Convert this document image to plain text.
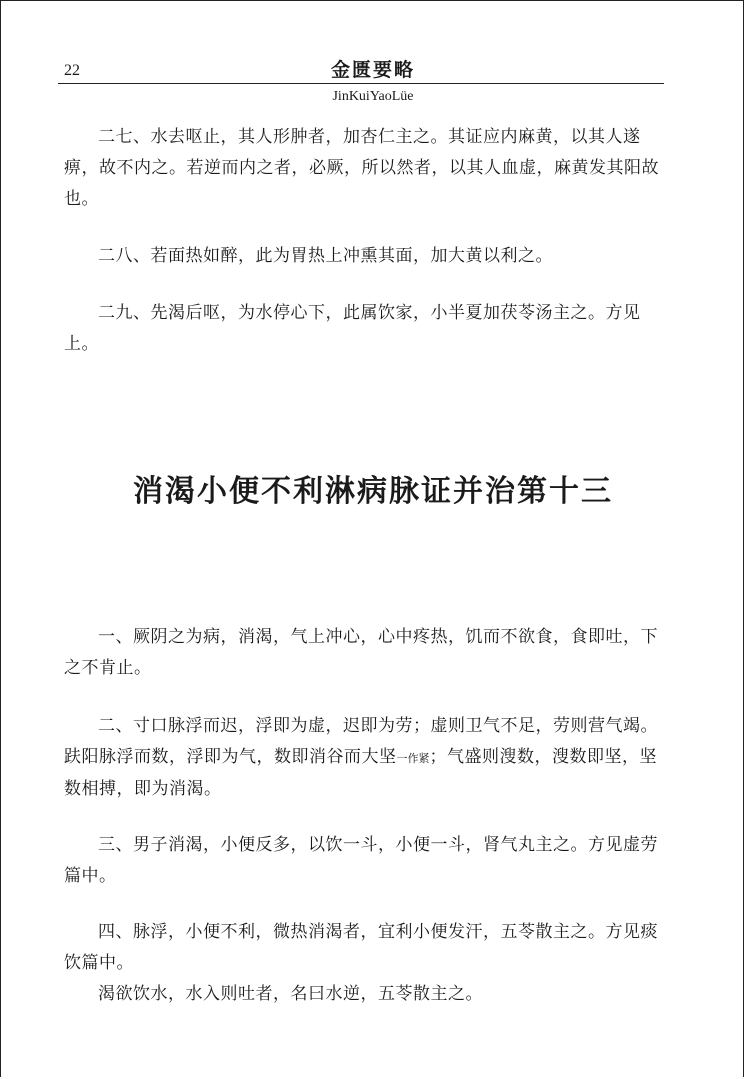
22	金匮要略
JinKuiYaoLüe

二七、水去呕止，其人形肿者，加杏仁主之。其证应内麻黄，以其人遂痹，故不内之。若逆而内之者，必厥，所以然者，以其人血虚，麻黄发其阳故也。

二八、若面热如醉，此为胃热上冲熏其面，加大黄以利之。

二九、先渴后呕，为水停心下，此属饮家，小半夏加茯苓汤主之。方见上。

消渴小便不利淋病脉证并治第十三

一、厥阴之为病，消渴，气上冲心，心中疼热，饥而不欲食，食即吐，下之不肯止。

二、寸口脉浮而迟，浮即为虚，迟即为劳；虚则卫气不足，劳则营气竭。趺阳脉浮而数，浮即为气，数即消谷而大坚一作紧；气盛则溲数，溲数即坚，坚数相搏，即为消渴。

三、男子消渴，小便反多，以饮一斗，小便一斗，肾气丸主之。方见虚劳篇中。

四、脉浮，小便不利，微热消渴者，宜利小便发汗，五苓散主之。方见痰饮篇中。

渴欲饮水，水入则吐者，名曰水逆，五苓散主之。
